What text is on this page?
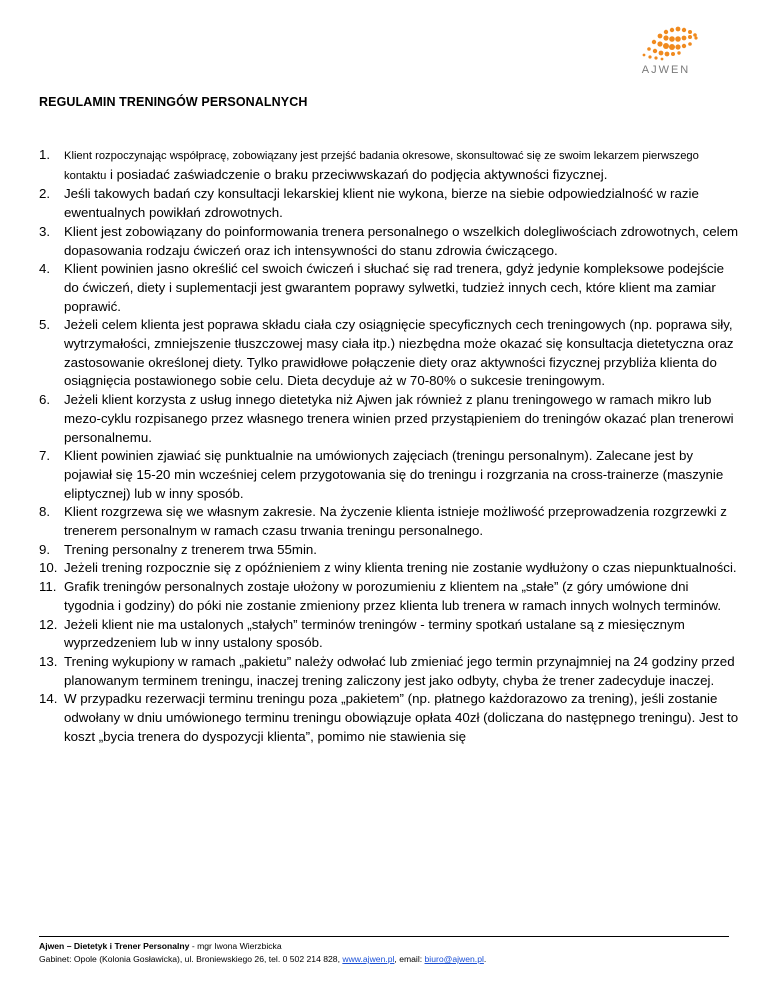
AJWEN
REGULAMIN TRENINGÓW PERSONALNYCH
1.	Klient rozpoczynając współpracę, zobowiązany jest przejść badania okresowe, skonsultować się ze swoim lekarzem pierwszego kontaktu i posiadać zaświadczenie o braku przeciwwskazań do podjęcia aktywności fizycznej.
2.	Jeśli takowych badań czy konsultacji lekarskiej klient nie wykona, bierze na siebie odpowiedzialność w razie ewentualnych powikłań zdrowotnych.
3.	Klient jest zobowiązany do poinformowania trenera personalnego o wszelkich dolegliwościach zdrowotnych, celem dopasowania rodzaju ćwiczeń oraz ich intensywności do stanu zdrowia ćwiczącego.
4.	Klient powinien jasno określić cel swoich ćwiczeń i słuchać się rad trenera, gdyż jedynie kompleksowe podejście do ćwiczeń, diety i suplementacji jest gwarantem poprawy sylwetki, tudzież innych cech, które klient ma zamiar poprawić.
5.	Jeżeli celem klienta jest poprawa składu ciała czy osiągnięcie specyficznych cech treningowych (np. poprawa siły, wytrzymałości, zmniejszenie tłuszczowej masy ciała itp.) niezbędna może okazać się konsultacja dietetyczna oraz zastosowanie określonej diety. Tylko prawidłowe połączenie diety oraz aktywności fizycznej przybliża klienta do osiągnięcia postawionego sobie celu. Dieta decyduje aż w 70-80% o sukcesie treningowym.
6.	Jeżeli klient korzysta z usług innego dietetyka niż Ajwen jak również z planu treningowego w ramach mikro lub mezo-cyklu rozpisanego przez własnego trenera winien przed przystąpieniem do treningów okazać plan trenerowi personalnemu.
7.	Klient powinien zjawiać się punktualnie na umówionych zajęciach (treningu personalnym). Zalecane jest by pojawiał się 15-20 min wcześniej celem przygotowania się do treningu i rozgrzania na cross-trainerze (maszynie eliptycznej) lub w inny sposób.
8.	Klient rozgrzewa się we własnym zakresie. Na życzenie klienta istnieje możliwość przeprowadzenia rozgrzewki z trenerem personalnym w ramach czasu trwania treningu personalnego.
9.	Trening personalny z trenerem trwa 55min.
10. Jeżeli trening rozpocznie się z opóźnieniem z winy klienta trening nie zostanie wydłużony o czas niepunktualności.
11. Grafik treningów personalnych zostaje ułożony w porozumieniu z klientem na „stałe” (z góry umówione dni tygodnia i godziny) do póki nie zostanie zmieniony przez klienta lub trenera w ramach innych wolnych terminów.
12. Jeżeli klient nie ma ustalonych „stałych” terminów treningów - terminy spotkań ustalane są z miesięcznym wyprzedzeniem lub w inny ustalony sposób.
13. Trening wykupiony w ramach „pakietu” należy odwołać lub zmieniać jego termin przynajmniej na 24 godziny przed planowanym terminem treningu, inaczej trening zaliczony jest jako odbyty, chyba że trener zadecyduje inaczej.
14. W przypadku rezerwacji terminu treningu poza „pakietem” (np. płatnego każdorazowo za trening), jeśli zostanie odwołany w dniu umówionego terminu treningu obowiązuje opłata 40zł (doliczana do następnego treningu). Jest to koszt „bycia trenera do dyspozycji klienta”, pomimo nie stawienia się
Ajwen – Dietetyk i Trener Personalny - mgr Iwona Wierzbicka
Gabinet: Opole (Kolonia Gosławicka), ul. Broniewskiego 26, tel. 0 502 214 828, www.ajwen.pl, email: biuro@ajwen.pl.
